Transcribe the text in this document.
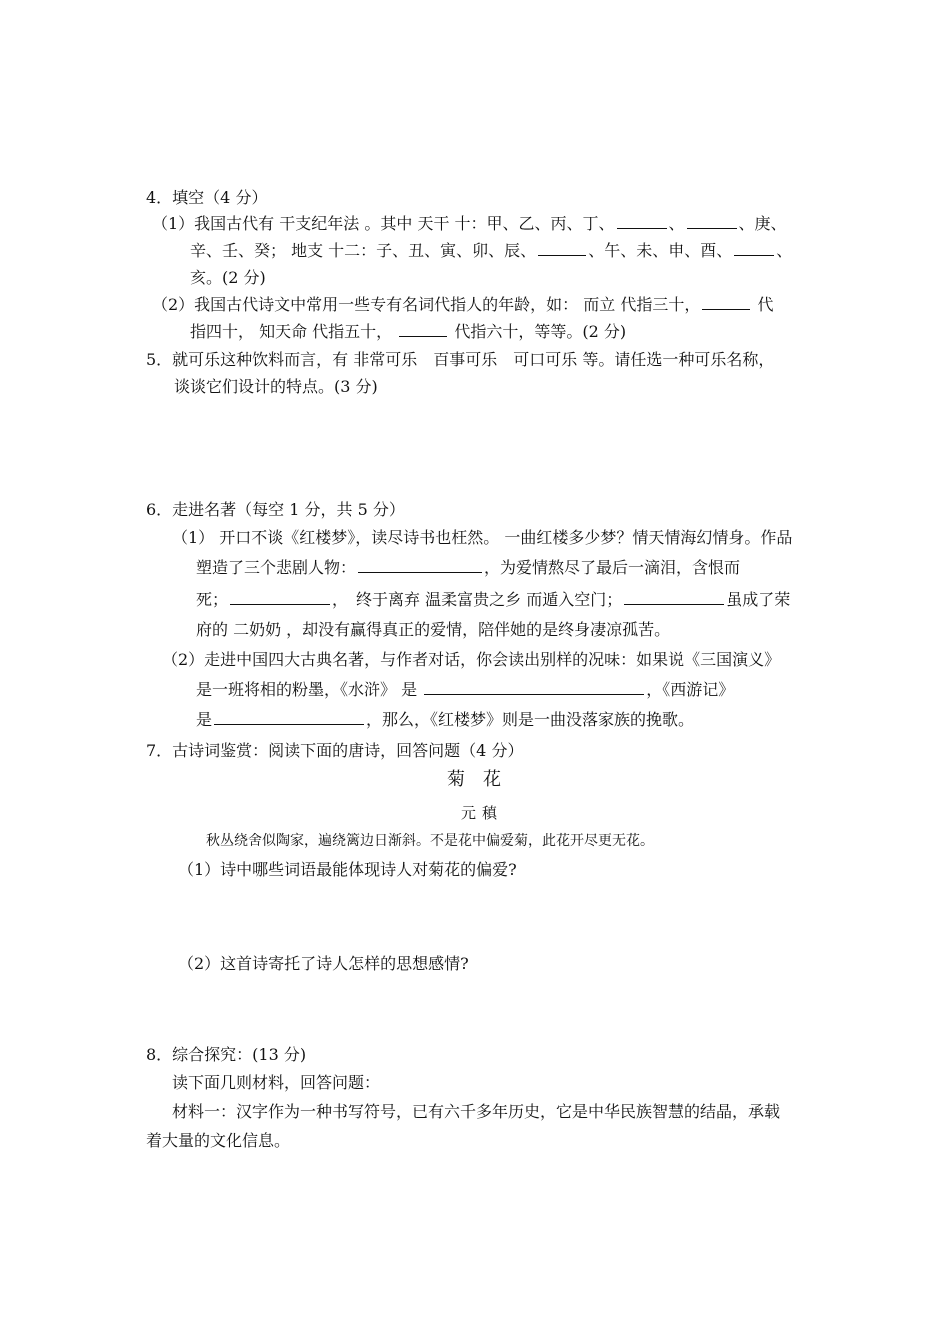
4．填空（4 分）
（1）我国古代有 干支纪年法 。其中 天干 十：甲、乙、丙、丁、	、	、庚、
辛、壬、癸； 地支 十二：子、丑、寅、卯、辰、	、午、未、申、酉、	、
亥。(2 分)
（2）我国古代诗文中常用一些专有名词代指人的年龄，如： 而立 代指三十，	代
指四十， 知天命 代指五十，	代指六十，等等。(2 分)
5．就可乐这种饮料而言，有 非常可乐　百事可乐　可口可乐 等。请任选一种可乐名称，
谈谈它们设计的特点。(3 分)
6．走进名著（每空 1 分，共 5 分）
（1） 开口不谈《红楼梦》，读尽诗书也枉然。 一曲红楼多少梦？情天情海幻情身。作品
塑造了三个悲剧人物：	，为爱情熬尽了最后一滴泪，含恨而
死；	，　终于离弃 温柔富贵之乡 而遁入空门；	虽成了荣
府的 二奶奶 ，却没有赢得真正的爱情，陪伴她的是终身凄凉孤苦。
（2）走进中国四大古典名著，与作者对话，你会读出别样的况味：如果说《三国演义》
是一班将相的粉墨，《水浒》 是	，《西游记》
是	，那么，《红楼梦》则是一曲没落家族的挽歌。
7．古诗词鉴赏：阅读下面的唐诗，回答问题（4 分）
菊花
元稹
秋丛绕舍似陶家，遍绕篱边日渐斜。不是花中偏爱菊，此花开尽更无花。
（1）诗中哪些词语最能体现诗人对菊花的偏爱?
（2）这首诗寄托了诗人怎样的思想感情?
8．综合探究：(13 分)
读下面几则材料，回答问题：
材料一：汉字作为一种书写符号，已有六千多年历史，它是中华民族智慧的结晶，承载
着大量的文化信息。
